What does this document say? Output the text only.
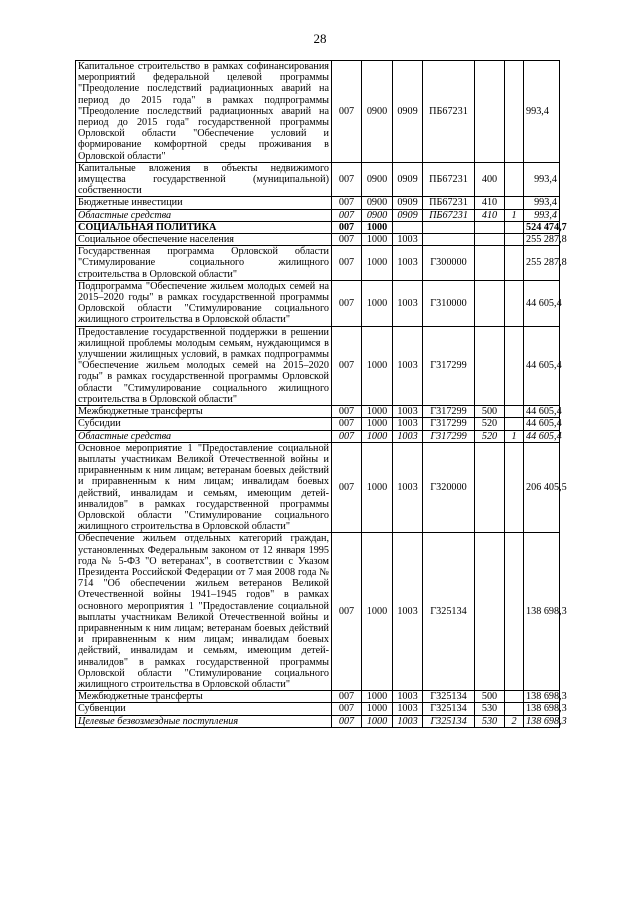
28
Капитальное строительство в рамках софинансирования мероприятий федеральной целевой программы "Преодоление последствий радиационных аварий на период до 2015 года" в рамках подпрограммы "Преодоление последствий радиационных аварий на период до 2015 года" государственной программы Орловской области "Обеспечение условий и формирование комфортной среды проживания в Орловской области"	007	0900	0909	ПБ67231			993,4
Капитальные вложения в объекты недвижимого имущества государственной (муниципальной) собственности	007	0900	0909	ПБ67231	400		993,4
Бюджетные инвестиции	007	0900	0909	ПБ67231	410		993,4
Областные средства	007	0900	0909	ПБ67231	410	1	993,4
СОЦИАЛЬНАЯ ПОЛИТИКА	007	1000					524 474,7
Социальное обеспечение населения	007	1000	1003				255 287,8
Государственная программа Орловской области "Стимулирование социального жилищного строительства в Орловской области"	007	1000	1003	Г300000			255 287,8
Подпрограмма "Обеспечение жильем молодых семей на 2015–2020 годы" в рамках государственной программы Орловской области "Стимулирование социального жилищного строительства в Орловской области"	007	1000	1003	Г310000			44 605,4
Предоставление государственной поддержки в решении жилищной проблемы молодым семьям, нуждающимся в улучшении жилищных условий, в рамках подпрограммы "Обеспечение жильем молодых семей на 2015–2020 годы" в рамках государственной программы Орловской области "Стимулирование социального жилищного строительства в Орловской области"	007	1000	1003	Г317299			44 605,4
Межбюджетные трансферты	007	1000	1003	Г317299	500		44 605,4
Субсидии	007	1000	1003	Г317299	520		44 605,4
Областные средства	007	1000	1003	Г317299	520	1	44 605,4
Основное мероприятие 1 "Предоставление социальной выплаты участникам Великой Отечественной войны и приравненным к ним лицам; ветеранам боевых действий и приравненным к ним лицам; инвалидам боевых действий, инвалидам и семьям, имеющим детей-инвалидов" в рамках государственной программы Орловской области "Стимулирование социального жилищного строительства в Орловской области"	007	1000	1003	Г320000			206 405,5
Обеспечение жильем отдельных категорий граждан, установленных Федеральным законом от 12 января 1995 года № 5-ФЗ "О ветеранах", в соответствии с Указом Президента Российской Федерации от 7 мая 2008 года № 714 "Об обеспечении жильем ветеранов Великой Отечественной войны 1941–1945 годов" в рамках основного мероприятия 1 "Предоставление социальной выплаты участникам Великой Отечественной войны и приравненным к ним лицам; ветеранам боевых действий и приравненным к ним лицам; инвалидам боевых действий, инвалидам и семьям, имеющим детей-инвалидов" в рамках государственной программы Орловской области "Стимулирование социального жилищного строительства в Орловской области"	007	1000	1003	Г325134			138 698,3
Межбюджетные трансферты	007	1000	1003	Г325134	500		138 698,3
Субвенции	007	1000	1003	Г325134	530		138 698,3
Целевые безвозмездные поступления	007	1000	1003	Г325134	530	2	138 698,3
